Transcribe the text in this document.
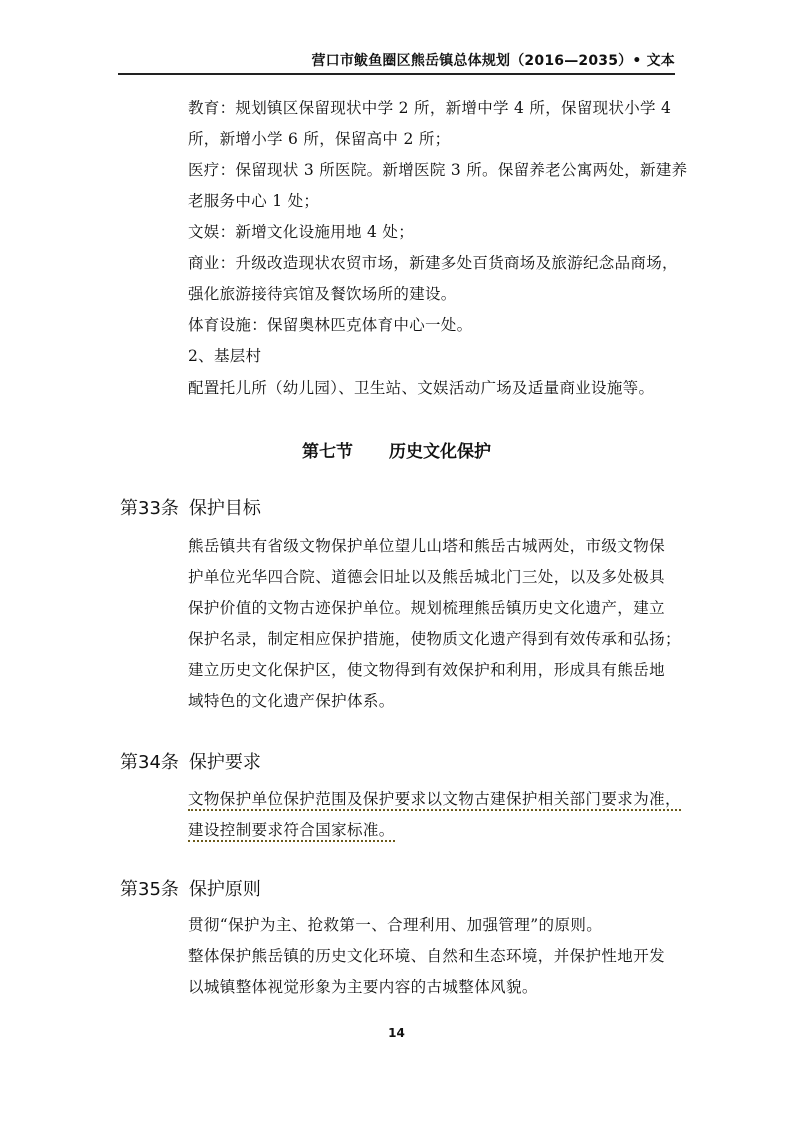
营口市鲅鱼圈区熊岳镇总体规划（2016—2035）• 文本
教育：规划镇区保留现状中学 2 所，新增中学 4 所，保留现状小学 4
所，新增小学 6 所，保留高中 2 所；
医疗：保留现状 3 所医院。新增医院 3 所。保留养老公寓两处，新建养
老服务中心 1 处；
文娱：新增文化设施用地 4 处；
商业：升级改造现状农贸市场，新建多处百货商场及旅游纪念品商场，
强化旅游接待宾馆及餐饮场所的建设。
体育设施：保留奥林匹克体育中心一处。
2、基层村
配置托儿所（幼儿园）、卫生站、文娱活动广场及适量商业设施等。
第七节 历史文化保护
第33条 保护目标
熊岳镇共有省级文物保护单位望儿山塔和熊岳古城两处，市级文物保
护单位光华四合院、道德会旧址以及熊岳城北门三处，以及多处极具
保护价值的文物古迹保护单位。规划梳理熊岳镇历史文化遗产，建立
保护名录，制定相应保护措施，使物质文化遗产得到有效传承和弘扬；
建立历史文化保护区，使文物得到有效保护和利用，形成具有熊岳地
域特色的文化遗产保护体系。
第34条 保护要求
文物保护单位保护范围及保护要求以文物古建保护相关部门要求为准，
建设控制要求符合国家标准。
第35条 保护原则
贯彻“保护为主、抢救第一、合理利用、加强管理”的原则。
整体保护熊岳镇的历史文化环境、自然和生态环境，并保护性地开发
以城镇整体视觉形象为主要内容的古城整体风貌。
14
